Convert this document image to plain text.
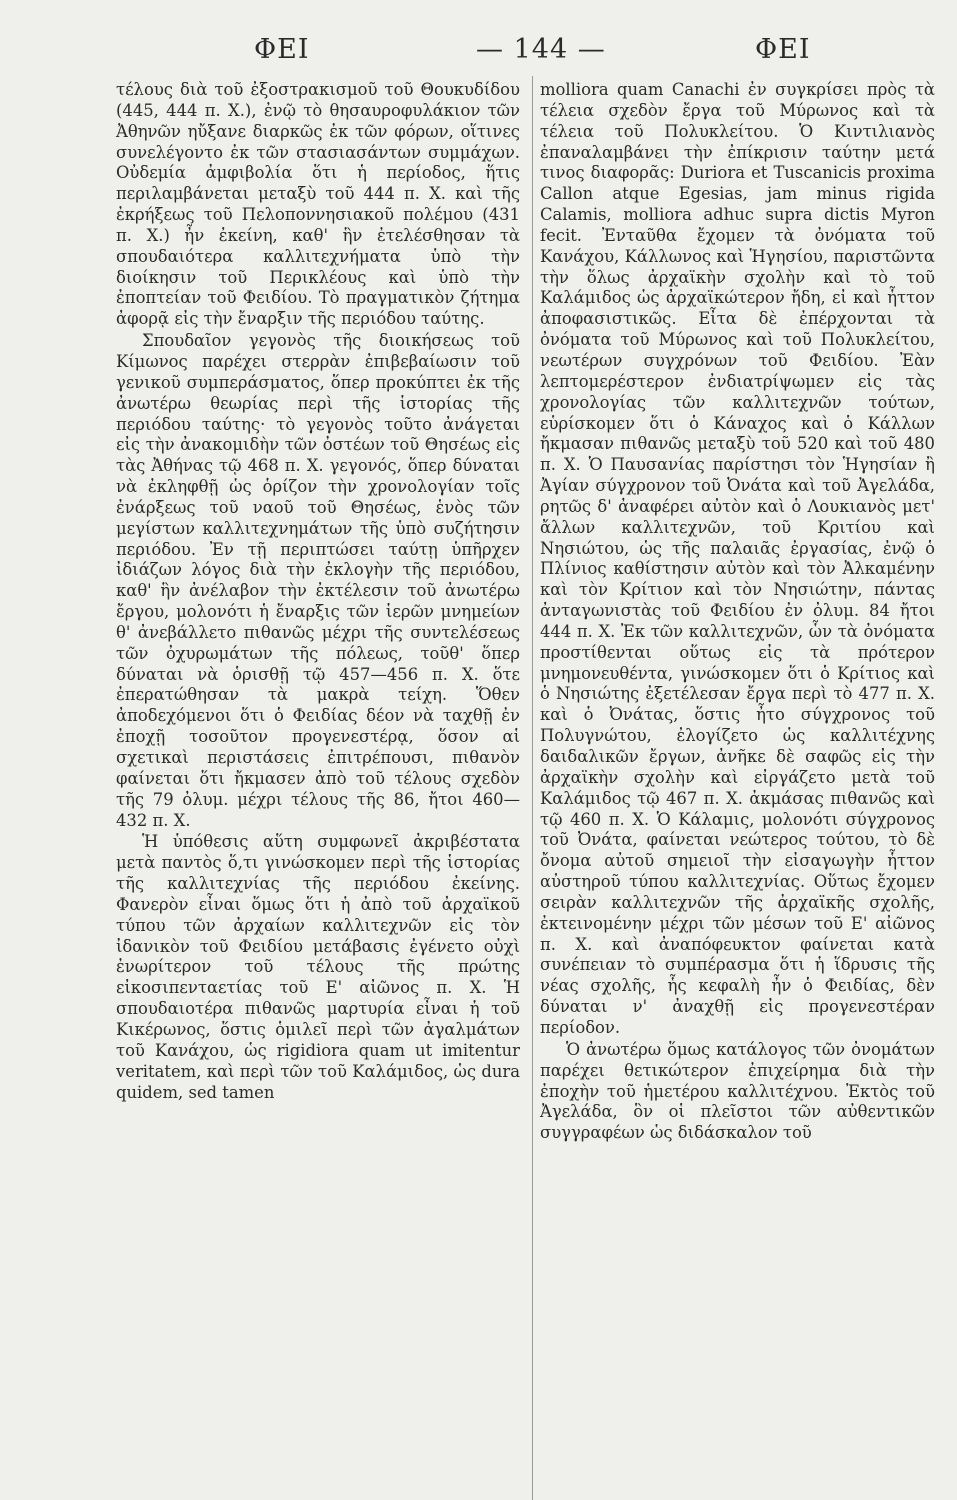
ΦΕΙ	— 144 —	ΦΕΙ

τέλους διὰ τοῦ ἐξοστρακισμοῦ τοῦ Θουκυδίδου (445, 444 π. Χ.), ἐνῷ τὸ θησαυροφυλάκιον τῶν Ἀθηνῶν ηὔξανε διαρκῶς ἐκ τῶν φόρων, οἵτινες συνελέγοντο ἐκ τῶν στασιασάντων συμμάχων. Οὐδεμία ἀμφιβολία ὅτι ἡ περίοδος, ἥτις περιλαμβάνεται μεταξὺ τοῦ 444 π. Χ. καὶ τῆς ἐκρήξεως τοῦ Πελοποννησιακοῦ πολέμου (431 π. Χ.) ἦν ἐκείνη, καθ' ἣν ἐτελέσθησαν τὰ σπουδαιότερα καλλιτεχνήματα ὑπὸ τὴν διοίκησιν τοῦ Περικλέους καὶ ὑπὸ τὴν ἐποπτείαν τοῦ Φειδίου. Τὸ πραγματικὸν ζήτημα ἀφορᾷ εἰς τὴν ἔναρξιν τῆς περιόδου ταύτης.

Σπουδαῖον γεγονὸς τῆς διοικήσεως τοῦ Κίμωνος παρέχει στερρὰν ἐπιβεβαίωσιν τοῦ γενικοῦ συμπεράσματος, ὅπερ προκύπτει ἐκ τῆς ἀνωτέρω θεωρίας περὶ τῆς ἱστορίας τῆς περιόδου ταύτης· τὸ γεγονὸς τοῦτο ἀνάγεται εἰς τὴν ἀνακομιδὴν τῶν ὀστέων τοῦ Θησέως εἰς τὰς Ἀθήνας τῷ 468 π. Χ. γεγονός, ὅπερ δύναται νὰ ἐκληφθῇ ὡς ὁρίζον τὴν χρονολογίαν τοῖς ἐνάρξεως τοῦ ναοῦ τοῦ Θησέως, ἑνὸς τῶν μεγίστων καλλιτεχνημάτων τῆς ὑπὸ συζήτησιν περιόδου. Ἐν τῇ περιπτώσει ταύτῃ ὑπῆρχεν ἰδιάζων λόγος διὰ τὴν ἐκλογὴν τῆς περιόδου, καθ' ἣν ἀνέλαβον τὴν ἐκτέλεσιν τοῦ ἀνωτέρω ἔργου, μολονότι ἡ ἔναρξις τῶν ἱερῶν μνημείων θ' ἀνεβάλλετο πιθανῶς μέχρι τῆς συντελέσεως τῶν ὀχυρωμάτων τῆς πόλεως, τοῦθ' ὅπερ δύναται νὰ ὁρισθῇ τῷ 457—456 π. Χ. ὅτε ἐπερατώθησαν τὰ μακρὰ τείχη. Ὅθεν ἀποδεχόμενοι ὅτι ὁ Φειδίας δέον νὰ ταχθῇ ἐν ἐποχῇ τοσοῦτον προγενεστέρᾳ, ὅσον αἱ σχετικαὶ περιστάσεις ἐπιτρέπουσι, πιθανὸν φαίνεται ὅτι ἤκμασεν ἀπὸ τοῦ τέλους σχεδὸν τῆς 79 ὀλυμ. μέχρι τέλους τῆς 86, ἤτοι 460—432 π. Χ.

Ἡ ὑπόθεσις αὕτη συμφωνεῖ ἀκριβέστατα μετὰ παντὸς ὅ,τι γινώσκομεν περὶ τῆς ἱστορίας τῆς καλλιτεχνίας τῆς περιόδου ἐκείνης. Φανερὸν εἶναι ὅμως ὅτι ἡ ἀπὸ τοῦ ἀρχαϊκοῦ τύπου τῶν ἀρχαίων καλλιτεχνῶν εἰς τὸν ἰδανικὸν τοῦ Φειδίου μετάβασις ἐγένετο οὐχὶ ἐνωρίτερον τοῦ τέλους τῆς πρώτης εἰκοσιπενταετίας τοῦ Ε' αἰῶνος π. Χ. Ἡ σπουδαιοτέρα πιθανῶς μαρτυρία εἶναι ἡ τοῦ Κικέρωνος, ὅστις ὁμιλεῖ περὶ τῶν ἀγαλμάτων τοῦ Κανάχου, ὡς rigidiora quam ut imitentur veritatem, καὶ περὶ τῶν τοῦ Καλάμιδος, ὡς dura quidem, sed tamen

molliora quam Canachi ἐν συγκρίσει πρὸς τὰ τέλεια σχεδὸν ἔργα τοῦ Μύρωνος καὶ τὰ τέλεια τοῦ Πολυκλείτου. Ὁ Κιντιλιανὸς ἐπαναλαμβάνει τὴν ἐπίκρισιν ταύτην μετά τινος διαφορᾶς: Duriora et Tuscanicis proxima Callon atque Egesias, jam minus rigida Calamis, molliora adhuc supra dictis Myron fecit. Ἐνταῦθα ἔχομεν τὰ ὀνόματα τοῦ Κανάχου, Κάλλωνος καὶ Ἡγησίου, παριστῶντα τὴν ὅλως ἀρχαϊκὴν σχολὴν καὶ τὸ τοῦ Καλάμιδος ὡς ἀρχαϊκώτερον ἤδη, εἰ καὶ ἧττον ἀποφασιστικῶς. Εἶτα δὲ ἐπέρχονται τὰ ὀνόματα τοῦ Μύρωνος καὶ τοῦ Πολυκλείτου, νεωτέρων συγχρόνων τοῦ Φειδίου. Ἐὰν λεπτομερέστερον ἐνδιατρίψωμεν εἰς τὰς χρονολογίας τῶν καλλιτεχνῶν τούτων, εὑρίσκομεν ὅτι ὁ Κάναχος καὶ ὁ Κάλλων ἤκμασαν πιθανῶς μεταξὺ τοῦ 520 καὶ τοῦ 480 π. Χ. Ὁ Παυσανίας παρίστησι τὸν Ἡγησίαν ἢ Ἀγίαν σύγχρονον τοῦ Ὀνάτα καὶ τοῦ Ἀγελάδα, ρητῶς δ' ἀναφέρει αὐτὸν καὶ ὁ Λουκιανὸς μετ' ἄλλων καλλιτεχνῶν, τοῦ Κριτίου καὶ Νησιώτου, ὡς τῆς παλαιᾶς ἐργασίας, ἐνῷ ὁ Πλίνιος καθίστησιν αὐτὸν καὶ τὸν Ἀλκαμένην καὶ τὸν Κρίτιον καὶ τὸν Νησιώτην, πάντας ἀνταγωνιστὰς τοῦ Φειδίου ἐν ὀλυμ. 84 ἤτοι 444 π. Χ. Ἐκ τῶν καλλιτεχνῶν, ὧν τὰ ὀνόματα προστίθενται οὕτως εἰς τὰ πρότερον μνημονευθέντα, γινώσκομεν ὅτι ὁ Κρίτιος καὶ ὁ Νησιώτης ἐξετέλεσαν ἔργα περὶ τὸ 477 π. Χ. καὶ ὁ Ὀνάτας, ὅστις ἦτο σύγχρονος τοῦ Πολυγνώτου, ἐλογίζετο ὡς καλλιτέχνης δαιδαλικῶν ἔργων, ἀνῆκε δὲ σαφῶς εἰς τὴν ἀρχαϊκὴν σχολὴν καὶ εἰργάζετο μετὰ τοῦ Καλάμιδος τῷ 467 π. Χ. ἀκμάσας πιθανῶς καὶ τῷ 460 π. Χ. Ὁ Κάλαμις, μολονότι σύγχρονος τοῦ Ὀνάτα, φαίνεται νεώτερος τούτου, τὸ δὲ ὄνομα αὐτοῦ σημειοῖ τὴν εἰσαγωγὴν ἧττον αὐστηροῦ τύπου καλλιτεχνίας. Οὕτως ἔχομεν σειρὰν καλλιτεχνῶν τῆς ἀρχαϊκῆς σχολῆς, ἐκτεινομένην μέχρι τῶν μέσων τοῦ Ε' αἰῶνος π. Χ. καὶ ἀναπόφευκτον φαίνεται κατὰ συνέπειαν τὸ συμπέρασμα ὅτι ἡ ἵδρυσις τῆς νέας σχολῆς, ἧς κεφαλὴ ἦν ὁ Φειδίας, δὲν δύναται ν' ἀναχθῇ εἰς προγενεστέραν περίοδον.

Ὁ ἀνωτέρω ὅμως κατάλογος τῶν ὀνομάτων παρέχει θετικώτερον ἐπιχείρημα διὰ τὴν ἐποχὴν τοῦ ἡμετέρου καλλιτέχνου. Ἐκτὸς τοῦ Ἀγελάδα, ὃν οἱ πλεῖστοι τῶν αὐθεντικῶν συγγραφέων ὡς διδάσκαλον τοῦ
